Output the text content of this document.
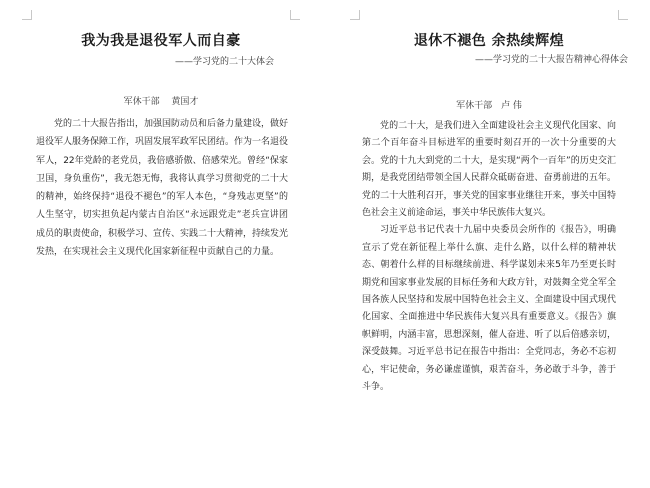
我为我是退役军人而自豪
——学习党的二十大体会
军休干部　 黄国才

党的二十大报告指出，加强国防动员和后备力量建设，做好退役军人服务保障工作，巩固发展军政军民团结。作为一名退役军人，22年党龄的老党员，我倍感骄傲、倍感荣光。曾经“保家卫国，身负重伤”，我无怨无悔，我将认真学习贯彻党的二十大的精神，始终保持“退役不褪色”的军人本色，“身残志更坚”的人生坚守，切实担负起内蒙古自治区“永远跟党走”老兵宣讲团成员的职责使命，积极学习、宣传、实践二十大精神，持续发光发热，在实现社会主义现代化国家新征程中贡献自己的力量。

退休不褪色 余热续辉煌
——学习党的二十大报告精神心得体会
军休干部　卢 伟

党的二十大，是我们进入全面建设社会主义现代化国家、向第二个百年奋斗目标进军的重要时刻召开的一次十分重要的大会。党的十九大到党的二十大，是实现“两个一百年”的历史交汇期，是我党团结带领全国人民群众砥砺奋进、奋勇前进的五年。党的二十大胜利召开，事关党的国家事业继往开来，事关中国特色社会主义前途命运，事关中华民族伟大复兴。

习近平总书记代表十九届中央委员会所作的《报告》，明确宣示了党在新征程上举什么旗、走什么路，以什么样的精神状态、朝着什么样的目标继续前进、科学谋划未来5年乃至更长时期党和国家事业发展的目标任务和大政方针，对鼓舞全党全军全国各族人民坚持和发展中国特色社会主义、全面建设中国式现代化国家、全面推进中华民族伟大复兴具有重要意义。《报告》旗帜鲜明，内涵丰富，思想深刻，催人奋进、听了以后倍感亲切，深受鼓舞。习近平总书记在报告中指出：全党同志，务必不忘初心，牢记使命，务必谦虚谨慎，艰苦奋斗，务必敢于斗争，善于斗争。
